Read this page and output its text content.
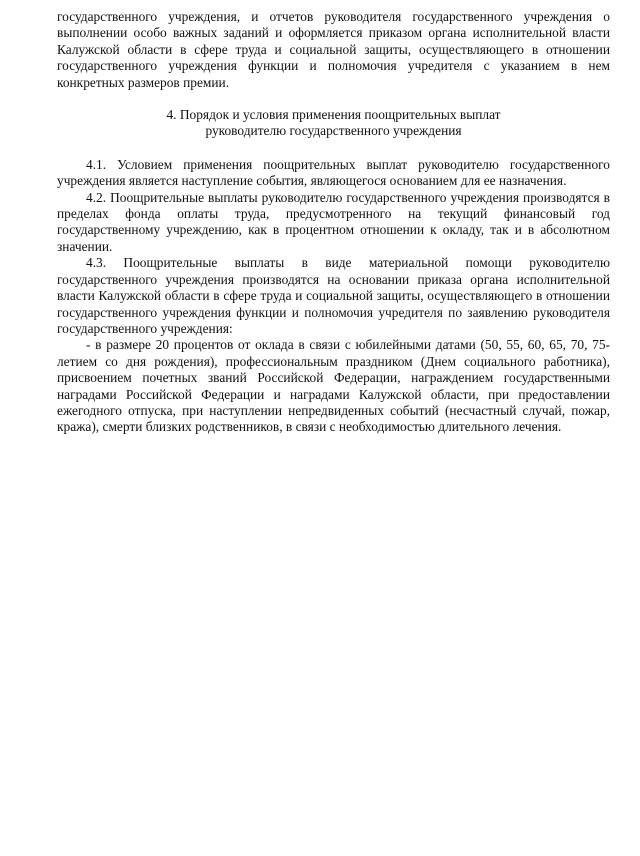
государственного учреждения, и отчетов руководителя государственного учреждения о выполнении особо важных заданий и оформляется приказом органа исполнительной власти Калужской области в сфере труда и социальной защиты, осуществляющего в отношении государственного учреждения функции и полномочия учредителя с указанием в нем конкретных размеров премии.

4. Порядок и условия применения поощрительных выплат
руководителю государственного учреждения

4.1. Условием применения поощрительных выплат руководителю государственного учреждения является наступление события, являющегося основанием для ее назначения.

4.2. Поощрительные выплаты руководителю государственного учреждения производятся в пределах фонда оплаты труда, предусмотренного на текущий финансовый год государственному учреждению, как в процентном отношении к окладу, так и в абсолютном значении.

4.3. Поощрительные выплаты в виде материальной помощи руководителю государственного учреждения производятся на основании приказа органа исполнительной власти Калужской области в сфере труда и социальной защиты, осуществляющего в отношении государственного учреждения функции и полномочия учредителя по заявлению руководителя государственного учреждения:

- в размере 20 процентов от оклада в связи с юбилейными датами (50, 55, 60, 65, 70, 75-летием со дня рождения), профессиональным праздником (Днем социального работника), присвоением почетных званий Российской Федерации, награждением государственными наградами Российской Федерации и наградами Калужской области, при предоставлении ежегодного отпуска, при наступлении непредвиденных событий (несчастный случай, пожар, кража), смерти близких родственников, в связи с необходимостью длительного лечения.
